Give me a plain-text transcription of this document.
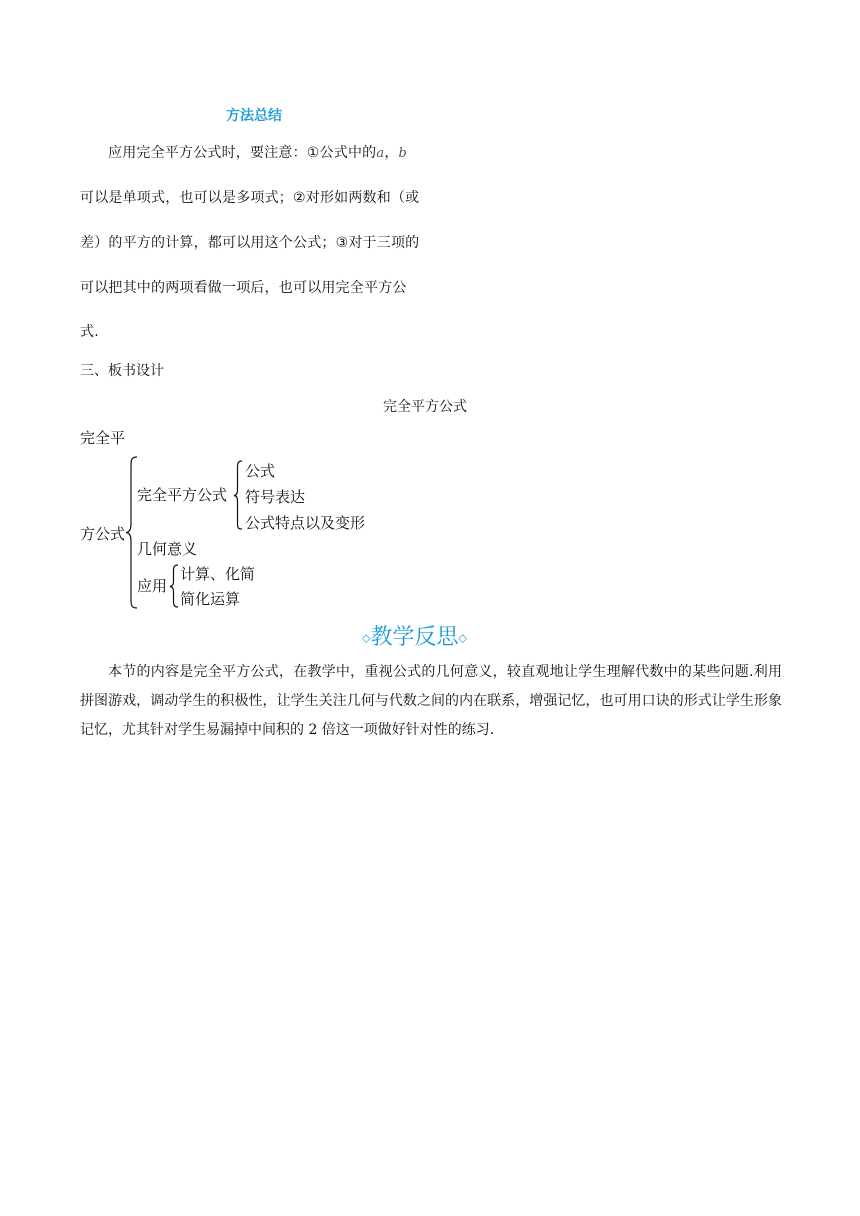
方法总结
应用完全平方公式时，要注意：①公式中的a，b
可以是单项式，也可以是多项式；②对形如两数和（或
差）的平方的计算，都可以用这个公式；③对于三项的
可以把其中的两项看做一项后，也可以用完全平方公
式.
三、板书设计
完全平方公式
完全平
方公式
完全平方公式
公式
符号表达
公式特点以及变形
几何意义
应用
计算、化简
简化运算
◇教学反思◇
本节的内容是完全平方公式，在教学中，重视公式的几何意义，较直观地让学生理解代数中的某些问题.利用拼图游戏，调动学生的积极性，让学生关注几何与代数之间的内在联系，增强记忆，也可用口诀的形式让学生形象记忆，尤其针对学生易漏掉中间积的 2 倍这一项做好针对性的练习.
